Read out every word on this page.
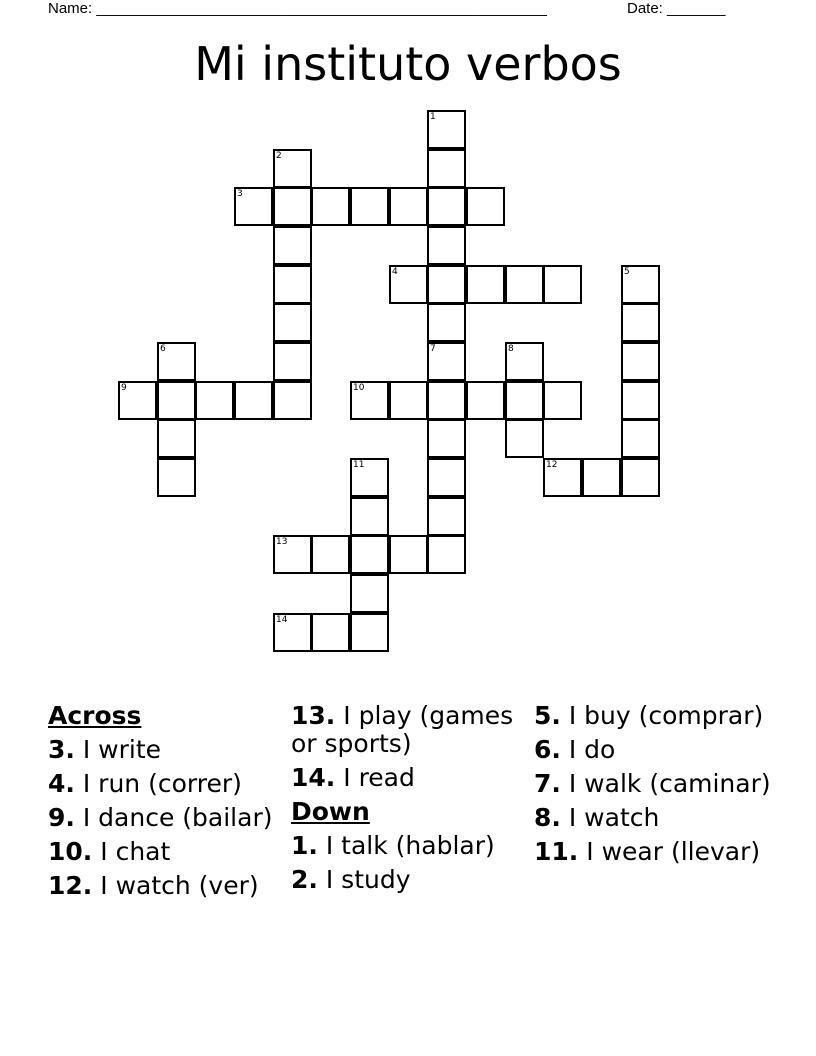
Name: ______________________________________________________	Date: _______
Mi instituto verbos
1
7
2
3
4	5
6	8
9	10
11	12
13
14
Across
3. I write
4. I run (correr)
9. I dance (bailar)
10. I chat
12. I watch (ver)
13. I play (games or sports)
14. I read
Down
1. I talk (hablar)
2. I study
5. I buy (comprar)
6. I do
7. I walk (caminar)
8. I watch
11. I wear (llevar)
